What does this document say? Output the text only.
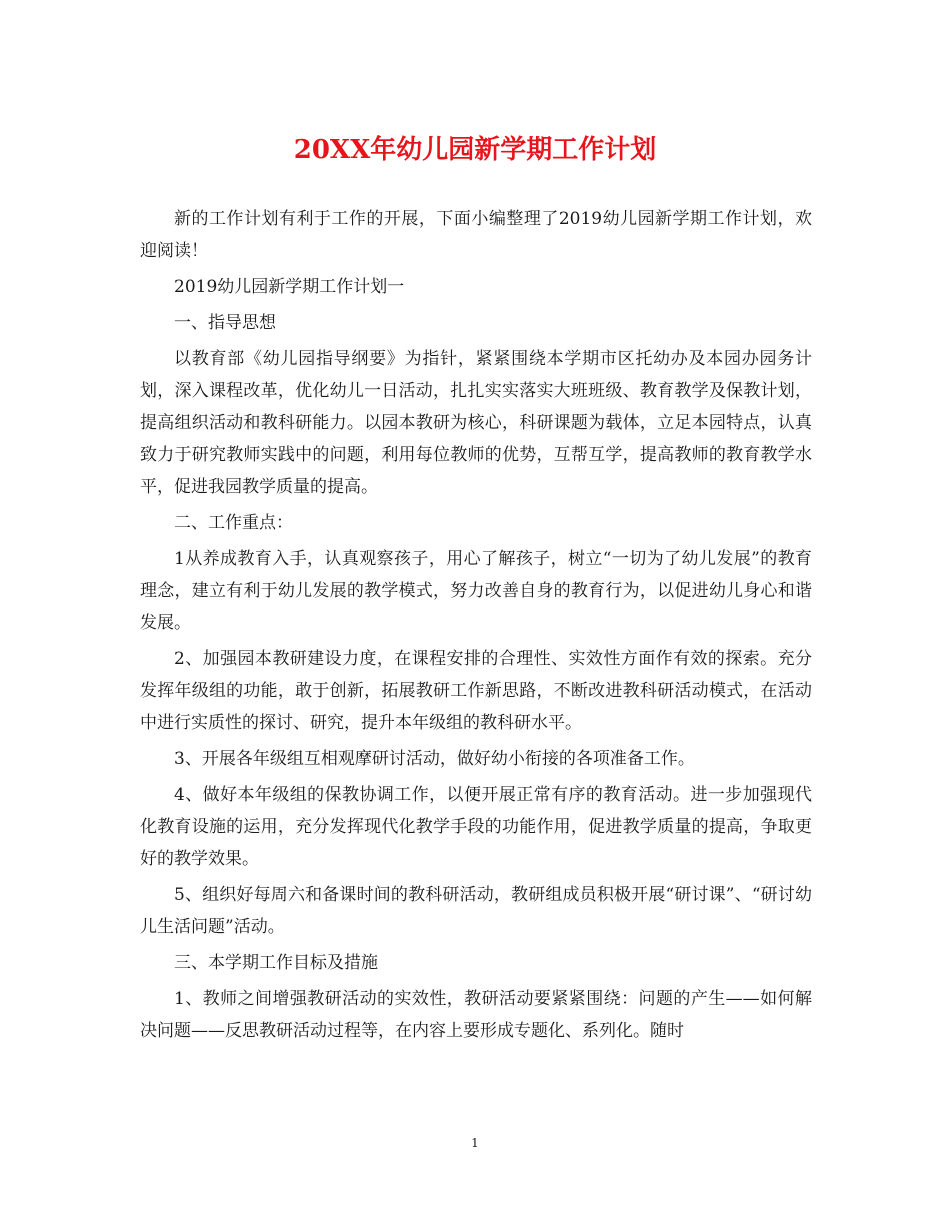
20XX年幼儿园新学期工作计划

新的工作计划有利于工作的开展，下面小编整理了2019幼儿园新学期工作计划，欢迎阅读！

2019幼儿园新学期工作计划一

一、指导思想

以教育部《幼儿园指导纲要》为指针，紧紧围绕本学期市区托幼办及本园办园务计划，深入课程改革，优化幼儿一日活动，扎扎实实落实大班班级、教育教学及保教计划，提高组织活动和教科研能力。以园本教研为核心，科研课题为载体，立足本园特点，认真致力于研究教师实践中的问题，利用每位教师的优势，互帮互学，提高教师的教育教学水平，促进我园教学质量的提高。

二、工作重点：

1从养成教育入手，认真观察孩子，用心了解孩子，树立“一切为了幼儿发展”的教育理念，建立有利于幼儿发展的教学模式，努力改善自身的教育行为，以促进幼儿身心和谐发展。

2、加强园本教研建设力度，在课程安排的合理性、实效性方面作有效的探索。充分发挥年级组的功能，敢于创新，拓展教研工作新思路，不断改进教科研活动模式，在活动中进行实质性的探讨、研究，提升本年级组的教科研水平。

3、开展各年级组互相观摩研讨活动，做好幼小衔接的各项准备工作。

4、做好本年级组的保教协调工作，以便开展正常有序的教育活动。进一步加强现代化教育设施的运用，充分发挥现代化教学手段的功能作用，促进教学质量的提高，争取更好的教学效果。

5、组织好每周六和备课时间的教科研活动，教研组成员积极开展“研讨课”、“研讨幼儿生活问题”活动。

三、本学期工作目标及措施

1、教师之间增强教研活动的实效性，教研活动要紧紧围绕：问题的产生——如何解决问题——反思教研活动过程等，在内容上要形成专题化、系列化。随时

1
